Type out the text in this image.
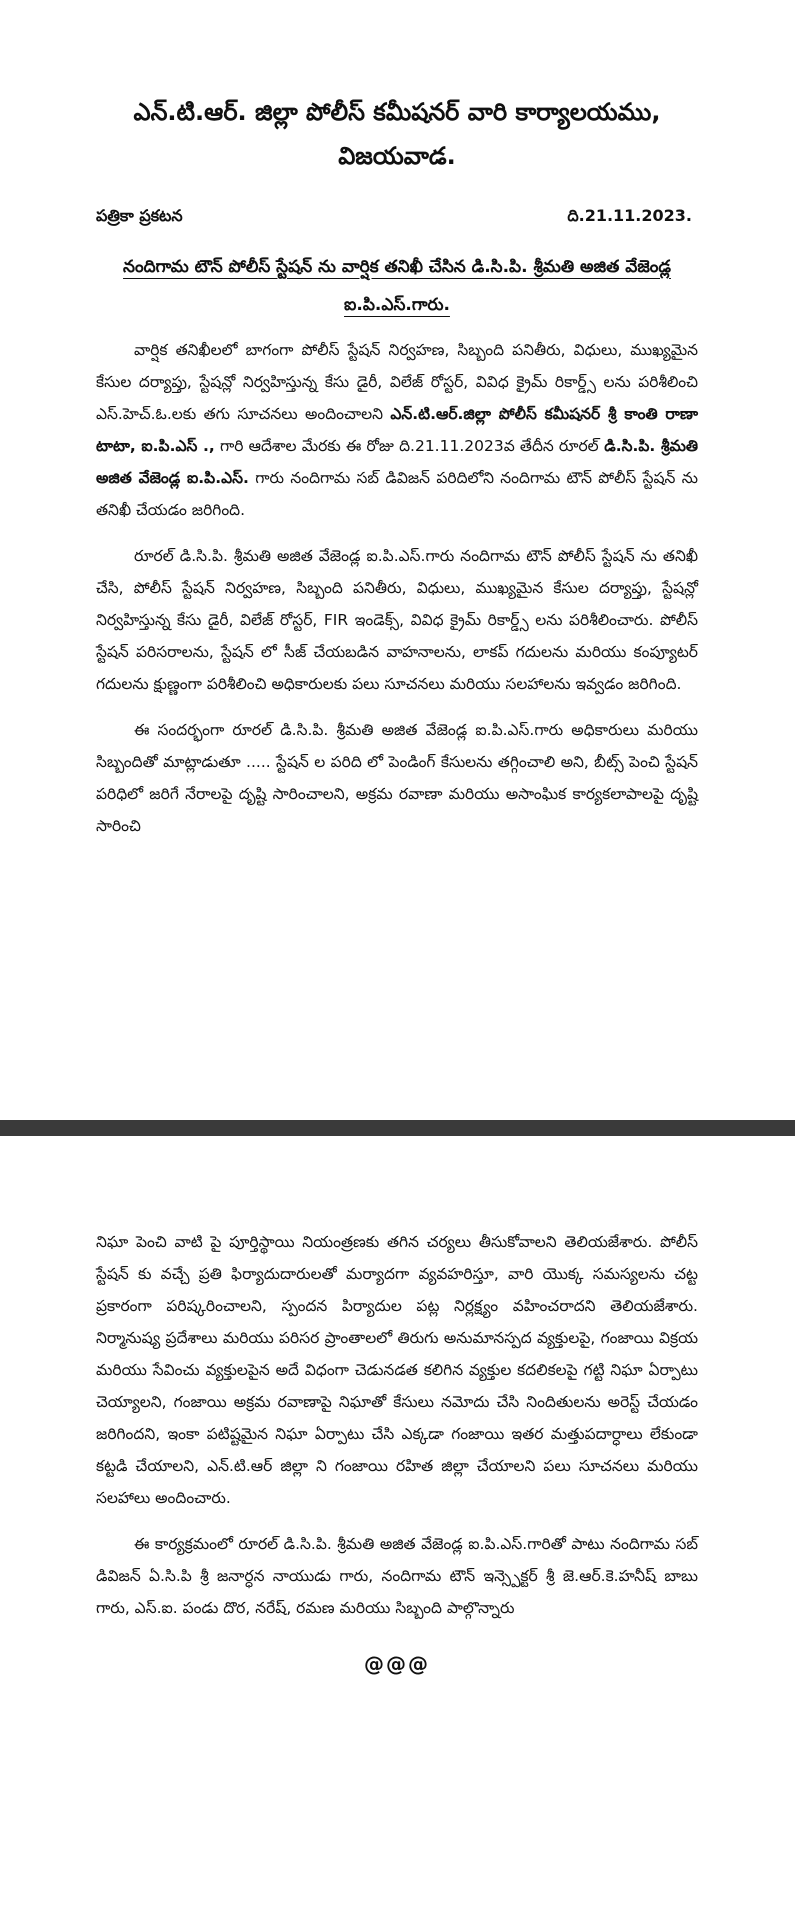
ఎన్.టి.ఆర్. జిల్లా పోలీస్ కమీషనర్ వారి కార్యాలయము,
విజయవాడ.
పత్రికా ప్రకటన	ది.21.11.2023.
నందిగామ టౌన్ పోలీస్ స్టేషన్ ను వార్షిక తనిఖీ చేసిన డి.సి.పి. శ్రీమతి అజిత వేజెండ్ల
ఐ.పి.ఎస్.గారు.

వార్షిక తనిఖీలలో బాగంగా పోలీస్ స్టేషన్ నిర్వహణ, సిబ్బంది పనితీరు, విధులు, ముఖ్యమైన కేసుల దర్యాప్తు, స్టేషన్లో నిర్వహిస్తున్న కేసు డైరీ, విలేజ్ రోస్టర్, వివిధ క్రైమ్ రికార్డ్స్ లను పరిశీలించి ఎస్.హెచ్.ఓ.లకు తగు సూచనలు అందించాలని ఎన్.టి.ఆర్.జిల్లా పోలీస్ కమీషనర్ శ్రీ కాంతి రాణా టాటా, ఐ.పి.ఎస్ ., గారి ఆదేశాల మేరకు ఈ రోజు ది.21.11.2023వ తేదీన రూరల్ డి.సి.పి. శ్రీమతి అజిత వేజెండ్ల ఐ.పి.ఎస్. గారు నందిగామ సబ్ డివిజన్ పరిదిలోని నందిగామ టౌన్ పోలీస్ స్టేషన్ ను తనిఖీ చేయడం జరిగింది.

రూరల్ డి.సి.పి. శ్రీమతి అజిత వేజెండ్ల ఐ.పి.ఎస్.గారు నందిగామ టౌన్ పోలీస్ స్టేషన్ ను తనిఖీ చేసి, పోలీస్ స్టేషన్ నిర్వహణ, సిబ్బంది పనితీరు, విధులు, ముఖ్యమైన కేసుల దర్యాప్తు, స్టేషన్లో నిర్వహిస్తున్న కేసు డైరీ, విలేజ్ రోస్టర్, FIR ఇండెక్స్, వివిధ క్రైమ్ రికార్డ్స్ లను పరిశీలించారు. పోలీస్ స్టేషన్ పరిసరాలను, స్టేషన్ లో సీజ్ చేయబడిన వాహనాలను, లాకప్ గదులను మరియు కంప్యూటర్ గదులను క్షుణ్ణంగా పరిశీలించి అధికారులకు పలు సూచనలు మరియు సలహాలను ఇవ్వడం జరిగింది.

ఈ సందర్భంగా రూరల్ డి.సి.పి. శ్రీమతి అజిత వేజెండ్ల ఐ.పి.ఎస్.గారు అధికారులు మరియు సిబ్బందితో మాట్లాడుతూ ..... స్టేషన్ ల పరిది లో పెండింగ్ కేసులను తగ్గించాలి అని, బీట్స్ పెంచి స్టేషన్ పరిధిలో జరిగే నేరాలపై దృష్టి సారించాలని, అక్రమ రవాణా మరియు అసాంఘిక కార్యకలాపాలపై దృష్టి సారించి

నిఘా పెంచి వాటి పై పూర్తిస్థాయి నియంత్రణకు తగిన చర్యలు తీసుకోవాలని తెలియజేశారు. పోలీస్ స్టేషన్ కు వచ్చే ప్రతి ఫిర్యాదుదారులతో మర్యాదగా వ్యవహరిస్తూ, వారి యొక్క సమస్యలను చట్ట ప్రకారంగా పరిష్కరించాలని, స్పందన పిర్యాదుల పట్ల నిర్లక్ష్యం వహించరాదని తెలియజేశారు. నిర్మానుష్య ప్రదేశాలు మరియు పరిసర ప్రాంతాలలో తిరుగు అనుమానస్పద వ్యక్తులపై, గంజాయి విక్రయ మరియు సేవించు వ్యక్తులపైన అదే విధంగా చెడునడత కలిగిన వ్యక్తుల కదలికలపై గట్టి నిఘా ఏర్పాటు చెయ్యాలని, గంజాయి అక్రమ రవాణాపై నిఘాతో కేసులు నమోదు చేసి నిందితులను అరెస్ట్ చేయడం జరిగిందని, ఇంకా పటిష్టమైన నిఘా ఏర్పాటు చేసి ఎక్కడా గంజాయి ఇతర మత్తుపదార్ధాలు లేకుండా కట్టడి చేయాలని, ఎన్.టి.ఆర్ జిల్లా ని గంజాయి రహిత జిల్లా చేయాలని పలు సూచనలు మరియు సలహాలు అందించారు.

ఈ కార్యక్రమంలో రూరల్ డి.సి.పి. శ్రీమతి అజిత వేజెండ్ల ఐ.పి.ఎస్.గారితో పాటు నందిగామ సబ్ డివిజన్ ఏ.సి.పి శ్రీ జనార్ధన నాయుడు గారు, నందిగామ టౌన్ ఇన్స్పెక్టర్ శ్రీ జె.ఆర్.కె.హనీష్ బాబు గారు, ఎస్.ఐ. పండు దొర, నరేష్, రమణ మరియు సిబ్బంది పాల్గొన్నారు

@@@
